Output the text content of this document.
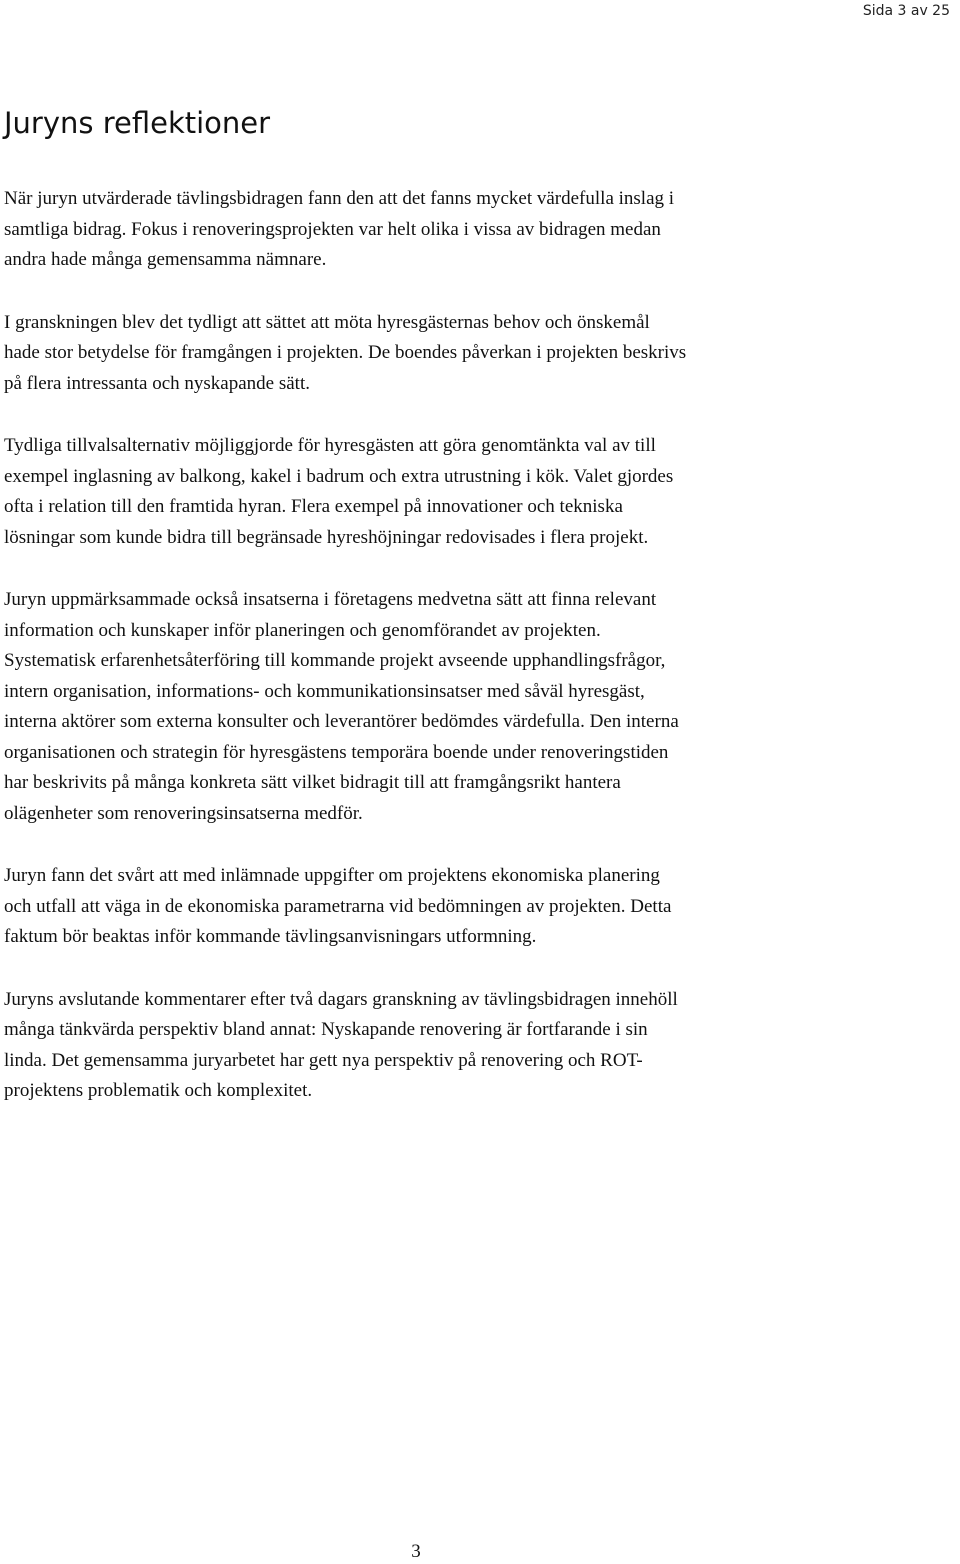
Sida 3 av 25
Juryns reflektioner

När juryn utvärderade tävlingsbidragen fann den att det fanns mycket värdefulla inslag i
samtliga bidrag. Fokus i renoveringsprojekten var helt olika i vissa av bidragen medan
andra hade många gemensamma nämnare.

I granskningen blev det tydligt att sättet att möta hyresgästernas behov och önskemål
hade stor betydelse för framgången i projekten. De boendes påverkan i projekten beskrivs
på flera intressanta och nyskapande sätt.

Tydliga tillvalsalternativ möjliggjorde för hyresgästen att göra genomtänkta val av till
exempel inglasning av balkong, kakel i badrum och extra utrustning i kök. Valet gjordes
ofta i relation till den framtida hyran. Flera exempel på innovationer och tekniska
lösningar som kunde bidra till begränsade hyreshöjningar redovisades i flera projekt.

Juryn uppmärksammade också insatserna i företagens medvetna sätt att finna relevant
information och kunskaper inför planeringen och genomförandet av projekten.
Systematisk erfarenhetsåterföring till kommande projekt avseende upphandlingsfrågor,
intern organisation, informations- och kommunikationsinsatser med såväl hyresgäst,
interna aktörer som externa konsulter och leverantörer bedömdes värdefulla. Den interna
organisationen och strategin för hyresgästens temporära boende under renoveringstiden
har beskrivits på många konkreta sätt vilket bidragit till att framgångsrikt hantera
olägenheter som renoveringsinsatserna medför.

Juryn fann det svårt att med inlämnade uppgifter om projektens ekonomiska planering
och utfall att väga in de ekonomiska parametrarna vid bedömningen av projekten. Detta
faktum bör beaktas inför kommande tävlingsanvisningars utformning.

Juryns avslutande kommentarer efter två dagars granskning av tävlingsbidragen innehöll
många tänkvärda perspektiv bland annat: Nyskapande renovering är fortfarande i sin
linda. Det gemensamma juryarbetet har gett nya perspektiv på renovering och ROT-
projektens problematik och komplexitet.

3
